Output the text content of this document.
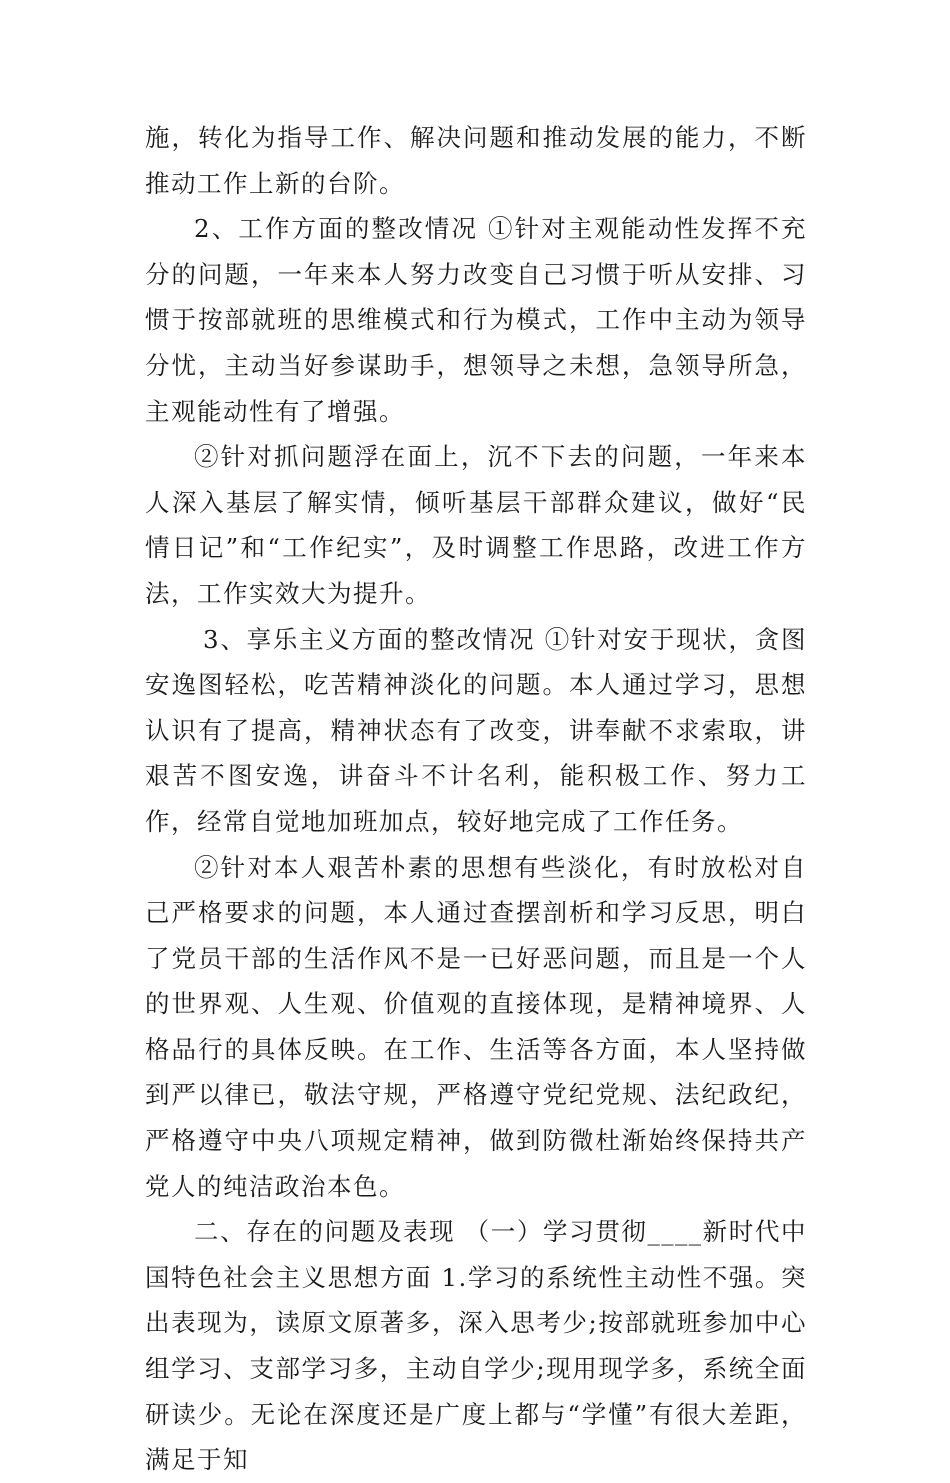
施，转化为指导工作、解决问题和推动发展的能力，不断推动工作上新的台阶。

2、工作方面的整改情况 ①针对主观能动性发挥不充分的问题，一年来本人努力改变自己习惯于听从安排、习惯于按部就班的思维模式和行为模式，工作中主动为领导分忧，主动当好参谋助手，想领导之未想，急领导所急，主观能动性有了增强。

②针对抓问题浮在面上，沉不下去的问题，一年来本人深入基层了解实情，倾听基层干部群众建议，做好“民情日记”和“工作纪实”，及时调整工作思路，改进工作方法，工作实效大为提升。

3、享乐主义方面的整改情况 ①针对安于现状，贪图安逸图轻松，吃苦精神淡化的问题。本人通过学习，思想认识有了提高，精神状态有了改变，讲奉献不求索取，讲艰苦不图安逸，讲奋斗不计名利，能积极工作、努力工作，经常自觉地加班加点，较好地完成了工作任务。

②针对本人艰苦朴素的思想有些淡化，有时放松对自己严格要求的问题，本人通过查摆剖析和学习反思，明白了党员干部的生活作风不是一已好恶问题，而且是一个人的世界观、人生观、价值观的直接体现，是精神境界、人格品行的具体反映。在工作、生活等各方面，本人坚持做到严以律已，敬法守规，严格遵守党纪党规、法纪政纪，严格遵守中央八项规定精神，做到防微杜渐始终保持共产党人的纯洁政治本色。

二、存在的问题及表现 （一）学习贯彻____新时代中国特色社会主义思想方面 1.学习的系统性主动性不强。突出表现为，读原文原著多，深入思考少;按部就班参加中心组学习、支部学习多，主动自学少;现用现学多，系统全面研读少。无论在深度还是广度上都与“学懂”有很大差距，满足于知
